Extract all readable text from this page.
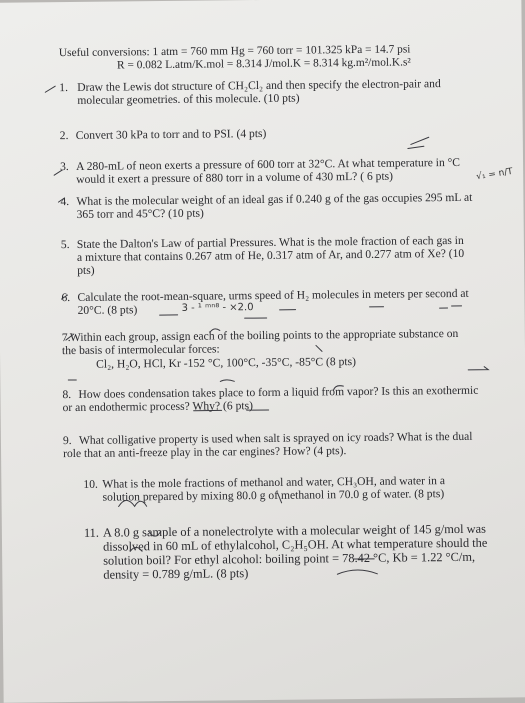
Useful conversions: 1 atm = 760 mm Hg = 760 torr = 101.325 kPa = 14.7 psi
R = 0.082 L.atm/K.mol = 8.314 J/mol.K = 8.314 kg.m²/mol.K.s²
1. Draw the Lewis dot structure of CH₂Cl₂ and then specify the electron-pair and
molecular geometries. of this molecule. (10 pts)
2. Convert 30 kPa to torr and to PSI. (4 pts)
3. A 280-mL of neon exerts a pressure of 600 torr at 32°C. At what temperature in °C
would it exert a pressure of 880 torr in a volume of 430 mL? ( 6 pts)
4. What is the molecular weight of an ideal gas if 0.240 g of the gas occupies 295 mL at
365 torr and 45°C? (10 pts)
5. State the Dalton's Law of partial Pressures. What is the mole fraction of each gas in
a mixture that contains 0.267 atm of He, 0.317 atm of Ar, and 0.277 atm of Xe? (10
pts)
6. Calculate the root-mean-square, urms speed of H₂ molecules in meters per second at
20°C. (8 pts)	3 - ¹ ᵐⁿ⁸ - ×2.0
7. Within each group, assign each of the boiling points to the appropriate substance on
the basis of intermolecular forces:
Cl₂, H₂O, HCl, Kr -152 °C, 100°C, -35°C, -85°C (8 pts)
8. How does condensation takes place to form a liquid from vapor? Is this an exothermic
or an endothermic process? Why? (6 pts)
9. What colligative property is used when salt is sprayed on icy roads? What is the dual
role that an anti-freeze play in the car engines? How? (4 pts).
10. What is the mole fractions of methanol and water, CH₃OH, and water in a
solution prepared by mixing 80.0 g of methanol in 70.0 g of water. (8 pts)
11. A 8.0 g sample of a nonelectrolyte with a molecular weight of 145 g/mol was
dissolved in 60 mL of ethylalcohol, C₂H₅OH. At what temperature should the
solution boil? For ethyl alcohol: boiling point = 78.42 °C, Kb = 1.22 °C/m,
density = 0.789 g/mL. (8 pts)
√₁ = n/T
